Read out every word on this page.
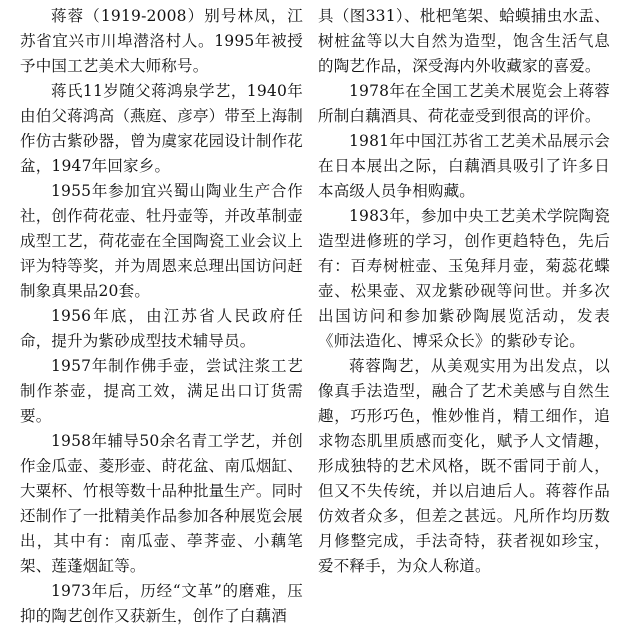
蒋蓉（1919-2008）别号林凤，江苏省宜兴市川埠潜洛村人。1995年被授予中国工艺美术大师称号。

蒋氏11岁随父蒋鸿泉学艺，1940年由伯父蒋鸿高（燕庭、彦亭）带至上海制作仿古紫砂器，曾为虞家花园设计制作花盆，1947年回家乡。

1955年参加宜兴蜀山陶业生产合作社，创作荷花壶、牡丹壶等，并改革制壶成型工艺，荷花壶在全国陶瓷工业会议上评为特等奖，并为周恩来总理出国访问赶制象真果品20套。

1956年底，由江苏省人民政府任命，提升为紫砂成型技术辅导员。

1957年制作佛手壶，尝试注浆工艺制作茶壶，提高工效，满足出口订货需要。

1958年辅导50余名青工学艺，并创作金瓜壶、菱形壶、莳花盆、南瓜烟缸、大粟杯、竹根等数十品种批量生产。同时还制作了一批精美作品参加各种展览会展出，其中有：南瓜壶、荸荠壶、小藕笔架、莲蓬烟缸等。

1973年后，历经“文革”的磨难，压抑的陶艺创作又获新生，创作了白藕酒

具（图331）、枇杷笔架、蛤蟆捕虫水盂、树桩盆等以大自然为造型，饱含生活气息的陶艺作品，深受海内外收藏家的喜爱。

1978年在全国工艺美术展览会上蒋蓉所制白藕酒具、荷花壶受到很高的评价。

1981年中国江苏省工艺美术品展示会在日本展出之际，白藕酒具吸引了许多日本高级人员争相购藏。

1983年，参加中央工艺美术学院陶瓷造型进修班的学习，创作更趋特色，先后有：百寿树桩壶、玉兔拜月壶，菊蕊花蝶壶、松果壶、双龙紫砂砚等问世。并多次出国访问和参加紫砂陶展览活动，发表《师法造化、博采众长》的紫砂专论。

蒋蓉陶艺，从美观实用为出发点，以像真手法造型，融合了艺术美感与自然生趣，巧形巧色，惟妙惟肖，精工细作，追求物态肌里质感而变化，赋予人文情趣，形成独特的艺术风格，既不雷同于前人，但又不失传统，并以启迪后人。蒋蓉作品仿效者众多，但差之甚远。凡所作均历数月修整完成，手法奇特，获者视如珍宝，爱不释手，为众人称道。
